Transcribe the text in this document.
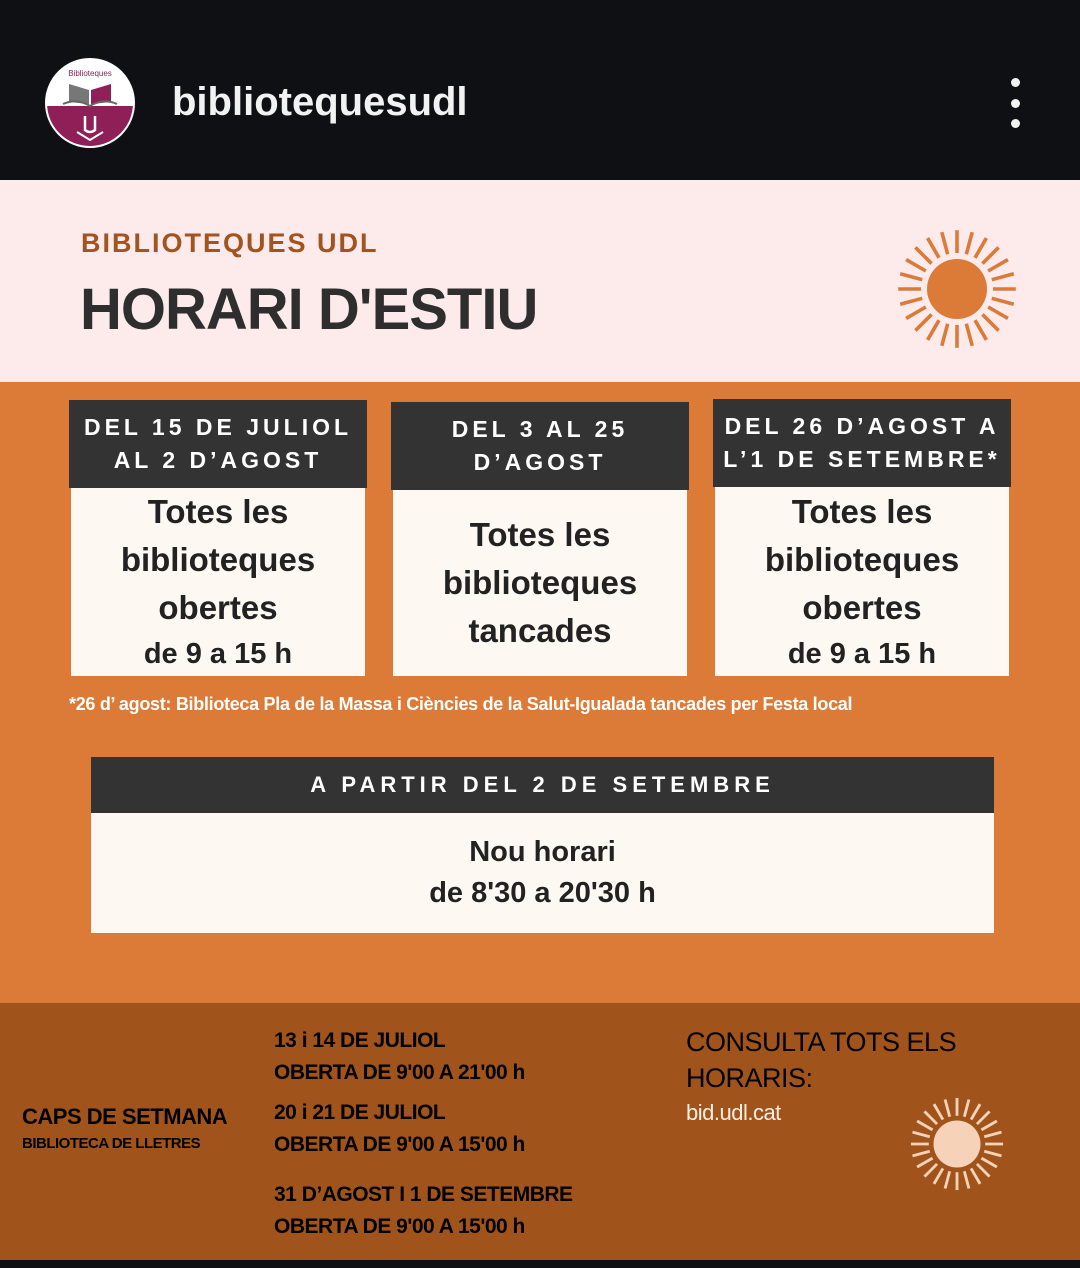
Biblioteques
bibliotequesudl
BIBLIOTEQUES UDL
HORARI D'ESTIU
DEL 15 DE JULIOL
AL 2 D’AGOST
Totes les
biblioteques
obertes
de 9 a 15 h
DEL 3 AL 25
D’AGOST
Totes les
biblioteques
tancades
DEL 26 D’AGOST A
L’1 DE SETEMBRE*
Totes les
biblioteques
obertes
de 9 a 15 h
*26 d’ agost: Biblioteca Pla de la Massa i Ciències de la Salut-Igualada tancades per Festa local
A PARTIR DEL 2 DE SETEMBRE
Nou horari
de 8'30 a 20'30 h
CAPS DE SETMANA
BIBLIOTECA DE LLETRES
13 i 14 DE JULIOL
OBERTA DE 9'00 A 21'00 h
20 i 21 DE JULIOL
OBERTA DE 9'00 A 15'00 h
31 D’AGOST I 1 DE SETEMBRE
OBERTA DE 9'00 A 15'00 h
CONSULTA TOTS ELS HORARIS:
bid.udl.cat
